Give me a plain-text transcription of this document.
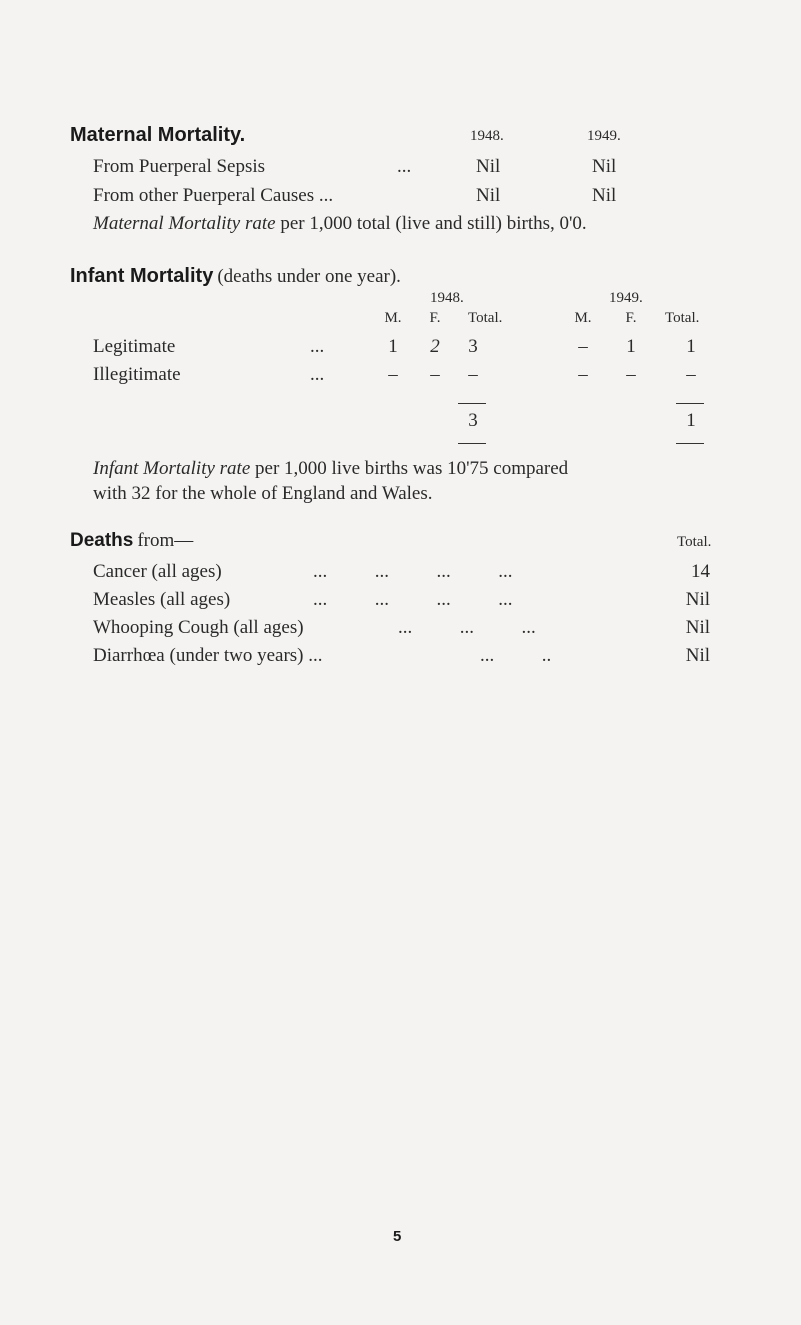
Maternal Mortality.	1948.	1949.
From Puerperal Sepsis	...	Nil	Nil
From other Puerperal Causes ...	Nil	Nil
Maternal Mortality rate per 1,000 total (live and still) births, 0'0.
Infant Mortality (deaths under one year).
1948.	1949.
M.	F.	Total.	M.	F.	Total.
Legitimate	...	1	2	3	–	1	1
Illegitimate	...	–	–	–	–	–	–
3	1
Infant Mortality rate per 1,000 live births was 10'75 compared
with 32 for the whole of England and Wales.
Deaths from—	Total.
Cancer (all ages)	...          ...          ...          ...	14
Measles (all ages)	...          ...          ...          ...	Nil
Whooping Cough (all ages)	...          ...          ...	Nil
Diarrhœa (under two years) ...	...          ..	Nil
5
